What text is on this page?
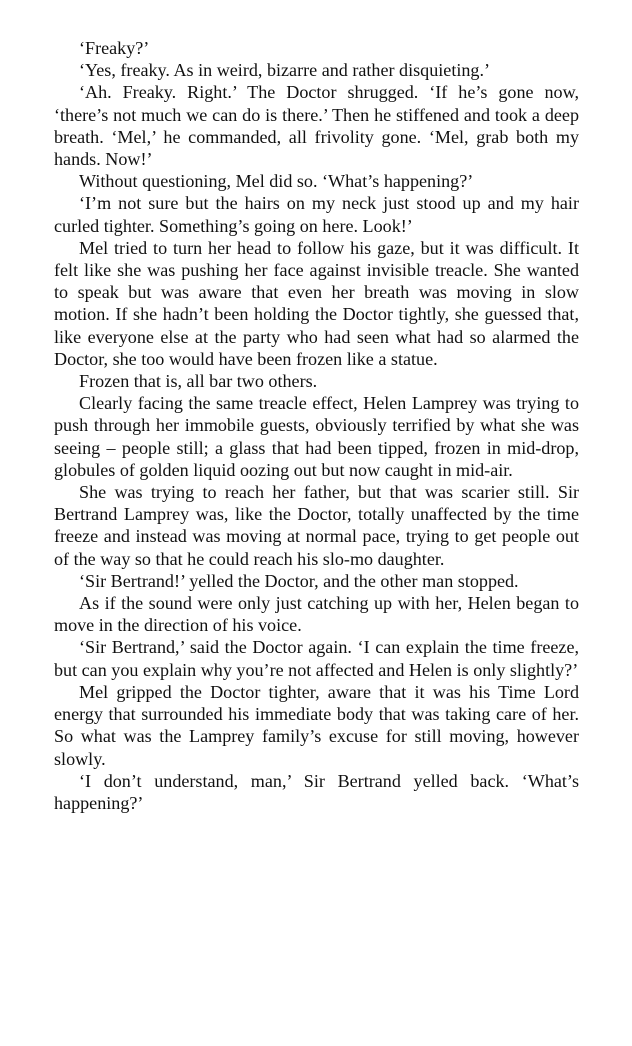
‘Freaky?’

‘Yes, freaky. As in weird, bizarre and rather disquieting.’

‘Ah. Freaky. Right.’ The Doctor shrugged. ‘If he’s gone now, ‘there’s not much we can do is there.’ Then he stiffened and took a deep breath. ‘Mel,’ he commanded, all frivolity gone. ‘Mel, grab both my hands. Now!’

Without questioning, Mel did so. ‘What’s happening?’

‘I’m not sure but the hairs on my neck just stood up and my hair curled tighter. Something’s going on here. Look!’

Mel tried to turn her head to follow his gaze, but it was difficult. It felt like she was pushing her face against invisible treacle. She wanted to speak but was aware that even her breath was moving in slow motion. If she hadn’t been holding the Doctor tightly, she guessed that, like everyone else at the party who had seen what had so alarmed the Doctor, she too would have been frozen like a statue.

Frozen that is, all bar two others.

Clearly facing the same treacle effect, Helen Lamprey was trying to push through her immobile guests, obviously terrified by what she was seeing – people still; a glass that had been tipped, frozen in mid-drop, globules of golden liquid oozing out but now caught in mid-air.

She was trying to reach her father, but that was scarier still. Sir Bertrand Lamprey was, like the Doctor, totally unaffected by the time freeze and instead was moving at normal pace, trying to get people out of the way so that he could reach his slo-mo daughter.

‘Sir Bertrand!’ yelled the Doctor, and the other man stopped.

As if the sound were only just catching up with her, Helen began to move in the direction of his voice.

‘Sir Bertrand,’ said the Doctor again. ‘I can explain the time freeze, but can you explain why you’re not affected and Helen is only slightly?’

Mel gripped the Doctor tighter, aware that it was his Time Lord energy that surrounded his immediate body that was taking care of her. So what was the Lamprey family’s excuse for still moving, however slowly.

‘I don’t understand, man,’ Sir Bertrand yelled back. ‘What’s happening?’
